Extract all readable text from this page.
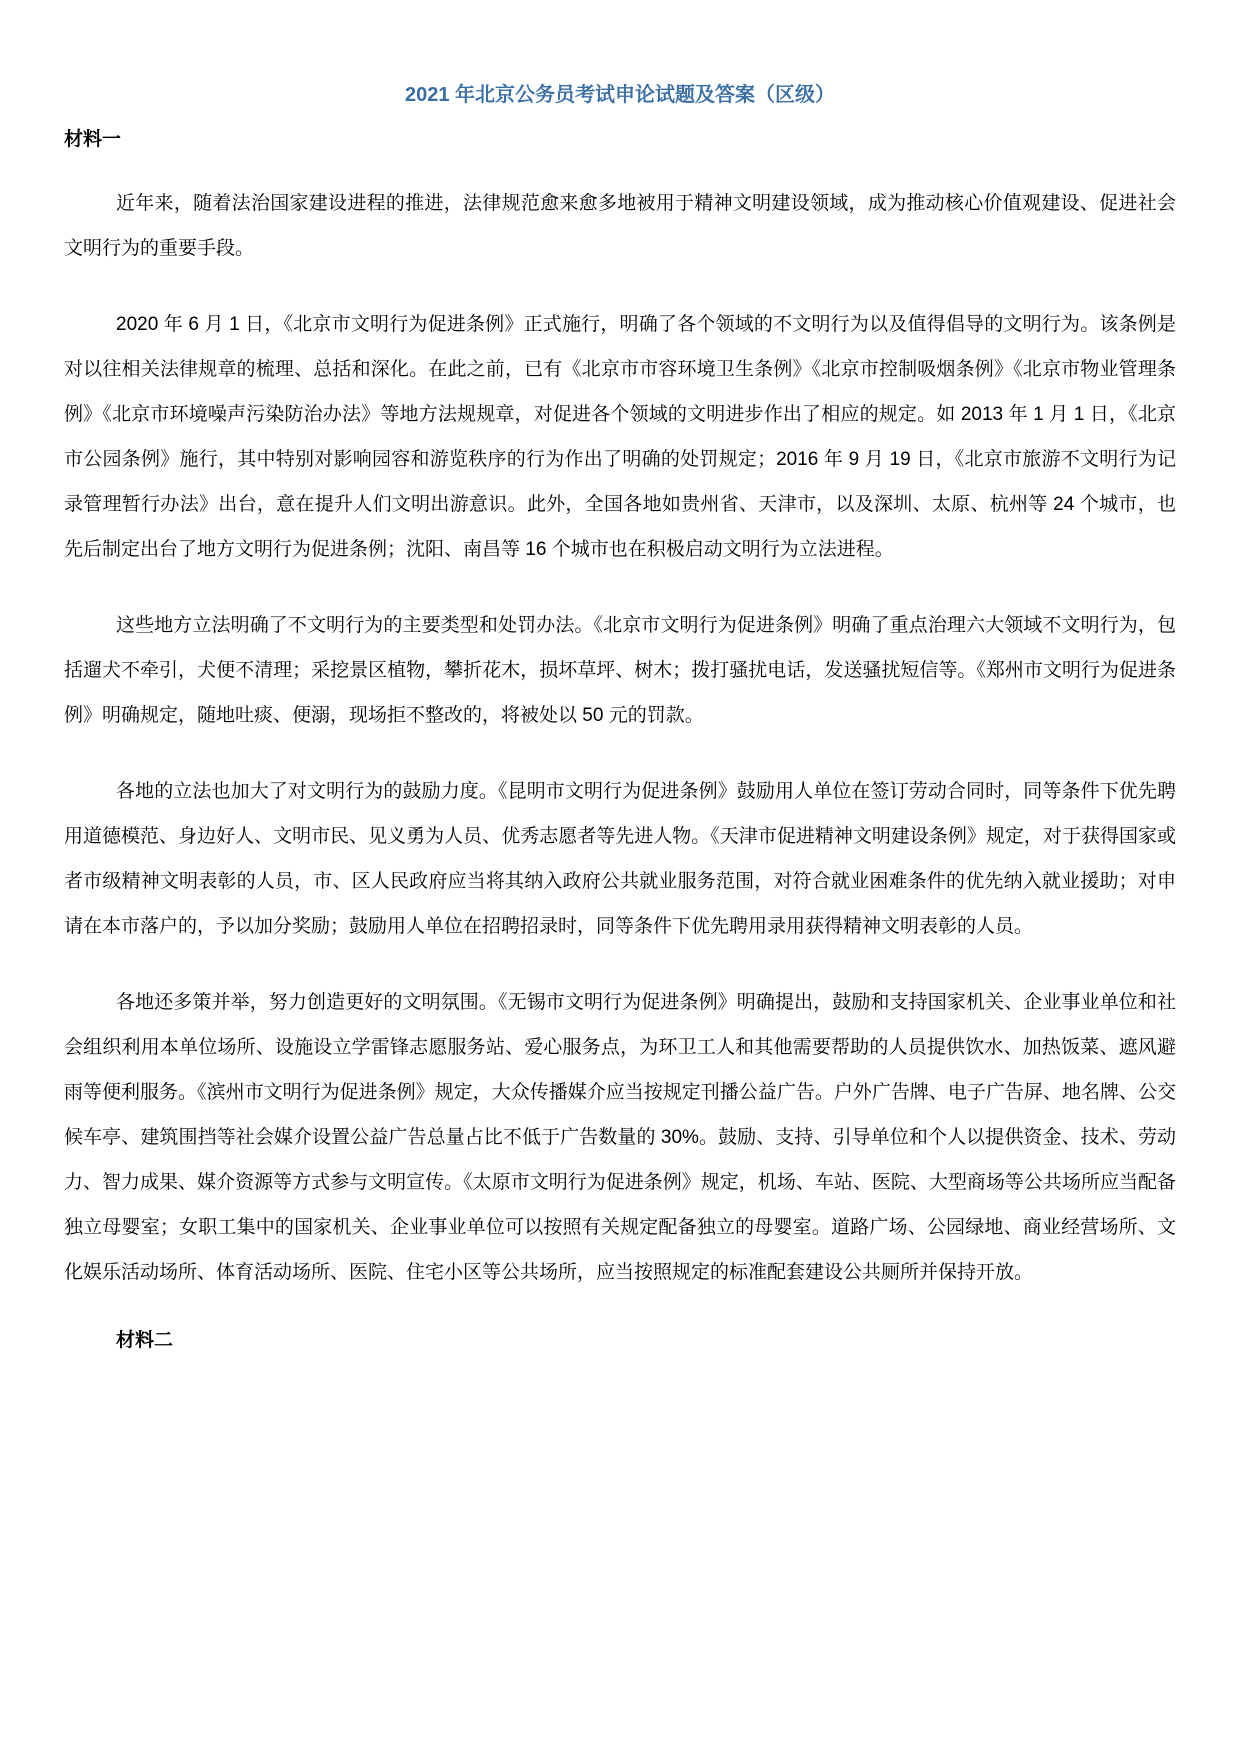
2021 年北京公务员考试申论试题及答案（区级）
材料一

近年来，随着法治国家建设进程的推进，法律规范愈来愈多地被用于精神文明建设领域，成为推动核心价值观建设、促进社会文明行为的重要手段。

2020 年 6 月 1 日，《北京市文明行为促进条例》正式施行，明确了各个领域的不文明行为以及值得倡导的文明行为。该条例是对以往相关法律规章的梳理、总括和深化。在此之前，已有《北京市市容环境卫生条例》《北京市控制吸烟条例》《北京市物业管理条例》《北京市环境噪声污染防治办法》等地方法规规章，对促进各个领域的文明进步作出了相应的规定。如 2013 年 1 月 1 日，《北京市公园条例》施行，其中特别对影响园容和游览秩序的行为作出了明确的处罚规定；2016 年 9 月 19 日，《北京市旅游不文明行为记录管理暂行办法》出台，意在提升人们文明出游意识。此外，全国各地如贵州省、天津市，以及深圳、太原、杭州等 24 个城市，也先后制定出台了地方文明行为促进条例；沈阳、南昌等 16 个城市也在积极启动文明行为立法进程。

这些地方立法明确了不文明行为的主要类型和处罚办法。《北京市文明行为促进条例》明确了重点治理六大领域不文明行为，包括遛犬不牵引，犬便不清理；采挖景区植物，攀折花木，损坏草坪、树木；拨打骚扰电话，发送骚扰短信等。《郑州市文明行为促进条例》明确规定，随地吐痰、便溺，现场拒不整改的，将被处以 50 元的罚款。

各地的立法也加大了对文明行为的鼓励力度。《昆明市文明行为促进条例》鼓励用人单位在签订劳动合同时，同等条件下优先聘用道德模范、身边好人、文明市民、见义勇为人员、优秀志愿者等先进人物。《天津市促进精神文明建设条例》规定，对于获得国家或者市级精神文明表彰的人员，市、区人民政府应当将其纳入政府公共就业服务范围，对符合就业困难条件的优先纳入就业援助；对申请在本市落户的，予以加分奖励；鼓励用人单位在招聘招录时，同等条件下优先聘用录用获得精神文明表彰的人员。

各地还多策并举，努力创造更好的文明氛围。《无锡市文明行为促进条例》明确提出，鼓励和支持国家机关、企业事业单位和社会组织利用本单位场所、设施设立学雷锋志愿服务站、爱心服务点，为环卫工人和其他需要帮助的人员提供饮水、加热饭菜、遮风避雨等便利服务。《滨州市文明行为促进条例》规定，大众传播媒介应当按规定刊播公益广告。户外广告牌、电子广告屏、地名牌、公交候车亭、建筑围挡等社会媒介设置公益广告总量占比不低于广告数量的 30%。鼓励、支持、引导单位和个人以提供资金、技术、劳动力、智力成果、媒介资源等方式参与文明宣传。《太原市文明行为促进条例》规定，机场、车站、医院、大型商场等公共场所应当配备独立母婴室；女职工集中的国家机关、企业事业单位可以按照有关规定配备独立的母婴室。道路广场、公园绿地、商业经营场所、文化娱乐活动场所、体育活动场所、医院、住宅小区等公共场所，应当按照规定的标准配套建设公共厕所并保持开放。

材料二
